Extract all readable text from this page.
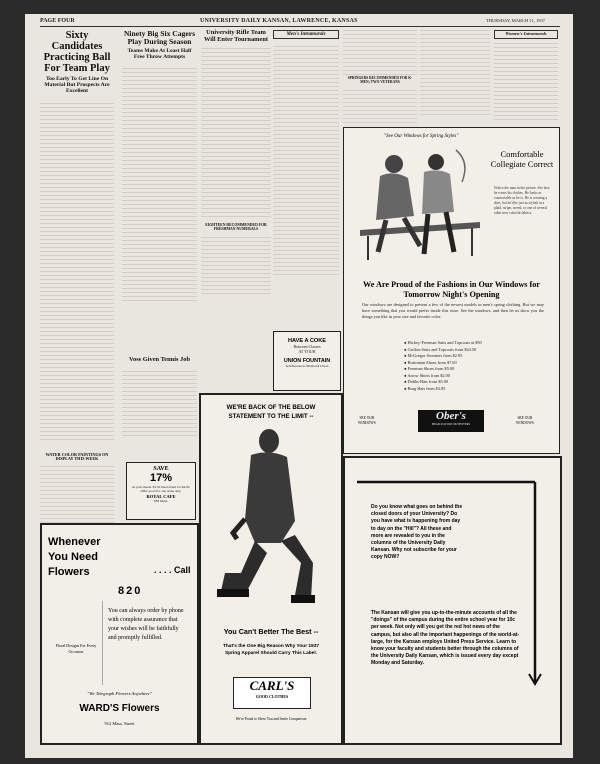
PAGE FOUR	UNIVERSITY DAILY KANSAN, LAWRENCE, KANSAS	THURSDAY, MARCH 11, 1937
Sixty Candidates Practicing Ball For Team Play
Too Early To Get Line On Material But Prospects Are Excellent
WATER COLOR PAINTINGS ON DISPLAY THIS WEEK
Ninety Big Six Cagers Play During Season
Teams Make At Least Half Free Throw Attempts
Voss Given Tennis Job
SAVE
17%
on your meals. $5.50 meal ticket for $4.95. Offer good for one week only.
ROYAL CAFE
938 Mass.
University Rifle Team Will Enter Tournament
EIGHTEEN RECOMMENDED FOR FRESHMAN NUMERALS
Men's Intramurals
HAVE A COKE
Between Classes
AT YOUR
UNION FOUNTAIN
Self-Resources Memorial Union
SPRINGERS RECOMMENDED FOR K-MEN; TWO VETERANS
Women's Intramurals
"See Our Windows for Spring Styles"
Comfortable Collegiate Correct
Notice the man in the picture. See how he wears his clothes. He looks as comfortable as he is. He is wearing a shirt, but he'd be just as stylish in a plaid, stripe, tweed, or one of several other new colorful fabrics.
We Are Proud of the Fashions in Our Windows for Tomorrow Night's Opening
Our windows are designed to present a few of the newest models in men's spring clothing. But we may have something that you would prefer inside this store. See the windows, and then let us show you the things you like in your size and favorite color.
● Hickey-Freeman Suits and Topcoats at $50
● Griffon Suits and Topcoats from $24.50
● McGregor Sweaters from $2.95
● Bostonian Shoes from $7.00
● Freeman Shoes from $5.00
● Arrow Shirts from $2.00
● Dobbs Hats from $5.00
● Burg Hats from $3.85
SEE OUR
WINDOWS
Ober's
HEAD-TO-FOOT OUTFITTERS
SEE OUR
WINDOWS
Whenever You Need Flowers	. . . . Call
820
Floral Designs For Every Occasion
You can always order by phone with complete assurance that your wishes will be faithfully and promptly fulfilled.
"We Telegraph Flowers Anywhere"
WARD'S Flowers
912 Mass. Street
WE'RE BACK OF THE BELOW STATEMENT TO THE LIMIT --
You Can't Better The Best --
That's the One Big Reason Why Your 1937 Spring Apparel Should Carry This Label.
CARL'S
GOOD CLOTHES
We're Proud to Show You and Invite Comparison
Do you know what goes on behind the closed doors of your University? Do you have what is happening from day to day on the "Hill"? All these and more are revealed to you in the columns of the University Daily Kansan. Why not subscribe for your copy NOW?
The Kansan will give you up-to-the-minute accounts of all the "doings" of the campus during the entire school year for 10c per week. Not only will you get the red hot news of the campus, but also all the important happenings of the world-at-large, for the Kansan employs United Press Service. Learn to know your faculty and students better through the columns of the University Daily Kansan, which is issued every day except Monday and Saturday.
